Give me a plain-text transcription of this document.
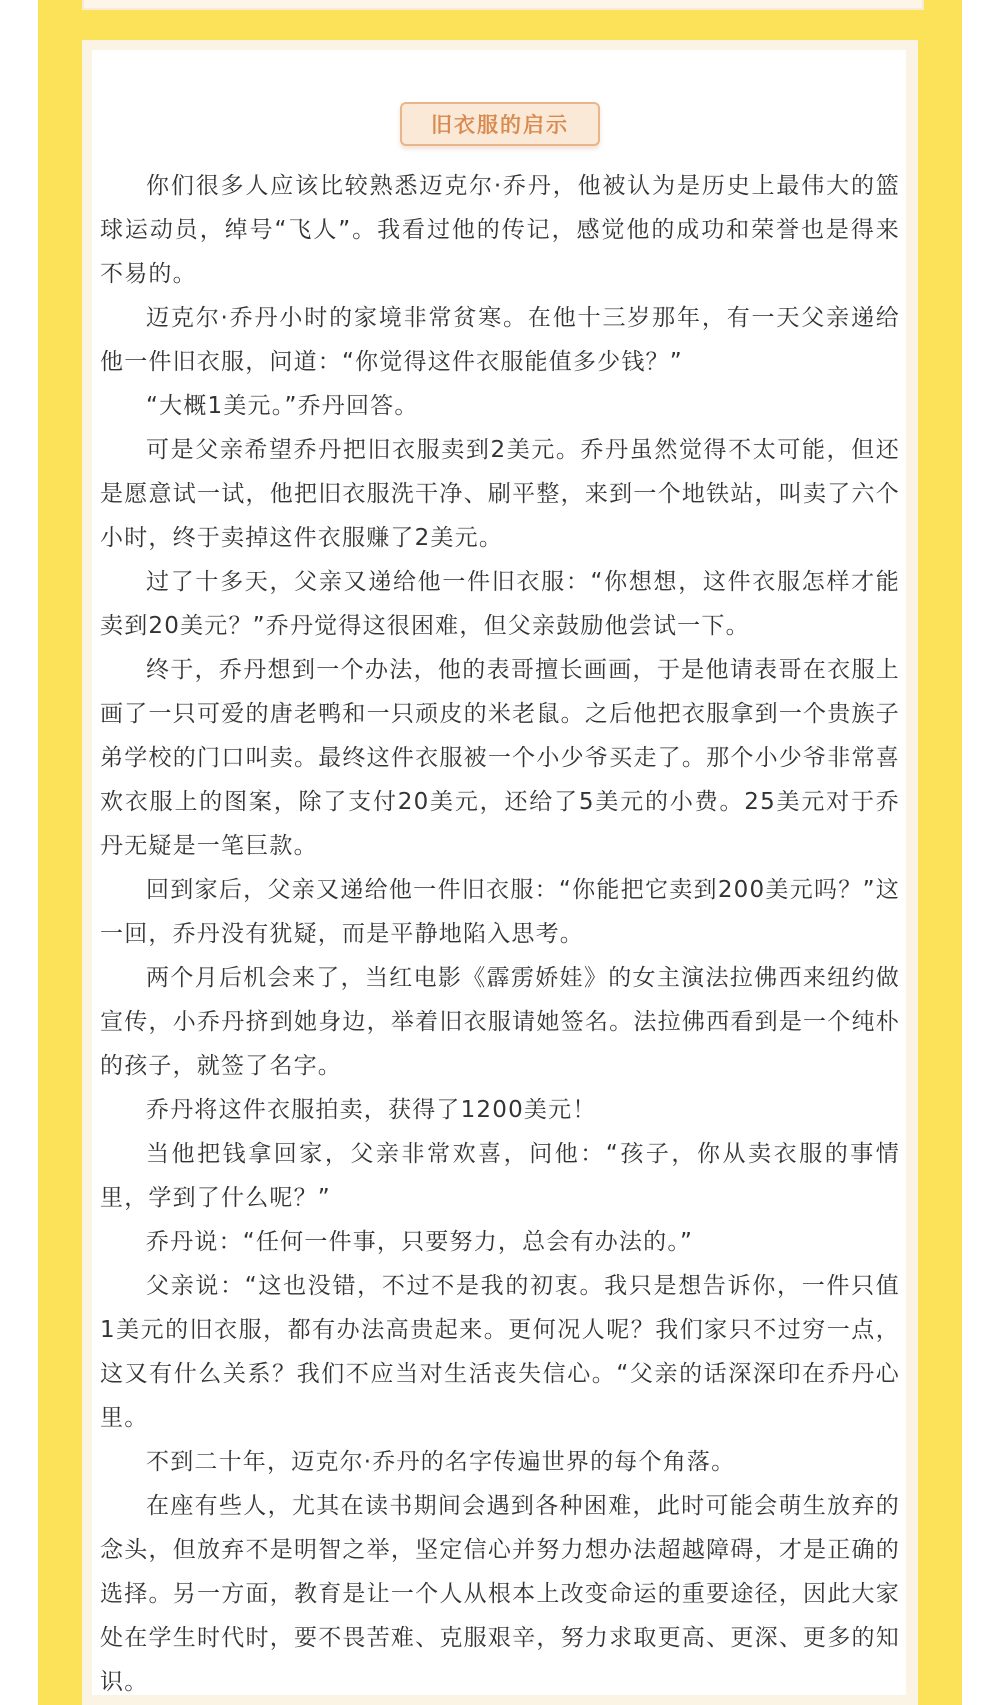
旧衣服的启示

你们很多人应该比较熟悉迈克尔·乔丹，他被认为是历史上最伟大的篮球运动员，绰号“飞人”。我看过他的传记，感觉他的成功和荣誉也是得来不易的。

迈克尔·乔丹小时的家境非常贫寒。在他十三岁那年，有一天父亲递给他一件旧衣服，问道：“你觉得这件衣服能值多少钱？”

“大概1美元。”乔丹回答。

可是父亲希望乔丹把旧衣服卖到2美元。乔丹虽然觉得不太可能，但还是愿意试一试，他把旧衣服洗干净、刷平整，来到一个地铁站，叫卖了六个小时，终于卖掉这件衣服赚了2美元。

过了十多天，父亲又递给他一件旧衣服：“你想想，这件衣服怎样才能卖到20美元？”乔丹觉得这很困难，但父亲鼓励他尝试一下。

终于，乔丹想到一个办法，他的表哥擅长画画，于是他请表哥在衣服上画了一只可爱的唐老鸭和一只顽皮的米老鼠。之后他把衣服拿到一个贵族子弟学校的门口叫卖。最终这件衣服被一个小少爷买走了。那个小少爷非常喜欢衣服上的图案，除了支付20美元，还给了5美元的小费。25美元对于乔丹无疑是一笔巨款。

回到家后，父亲又递给他一件旧衣服：“你能把它卖到200美元吗？”这一回，乔丹没有犹疑，而是平静地陷入思考。

两个月后机会来了，当红电影《霹雳娇娃》的女主演法拉佛西来纽约做宣传，小乔丹挤到她身边，举着旧衣服请她签名。法拉佛西看到是一个纯朴的孩子，就签了名字。

乔丹将这件衣服拍卖，获得了1200美元！

当他把钱拿回家，父亲非常欢喜，问他：“孩子，你从卖衣服的事情里，学到了什么呢？”

乔丹说：“任何一件事，只要努力，总会有办法的。”

父亲说：“这也没错，不过不是我的初衷。我只是想告诉你，一件只值1美元的旧衣服，都有办法高贵起来。更何况人呢？我们家只不过穷一点，这又有什么关系？我们不应当对生活丧失信心。“父亲的话深深印在乔丹心里。

不到二十年，迈克尔·乔丹的名字传遍世界的每个角落。

在座有些人，尤其在读书期间会遇到各种困难，此时可能会萌生放弃的念头，但放弃不是明智之举，坚定信心并努力想办法超越障碍，才是正确的选择。另一方面，教育是让一个人从根本上改变命运的重要途径，因此大家处在学生时代时，要不畏苦难、克服艰辛，努力求取更高、更深、更多的知识。
